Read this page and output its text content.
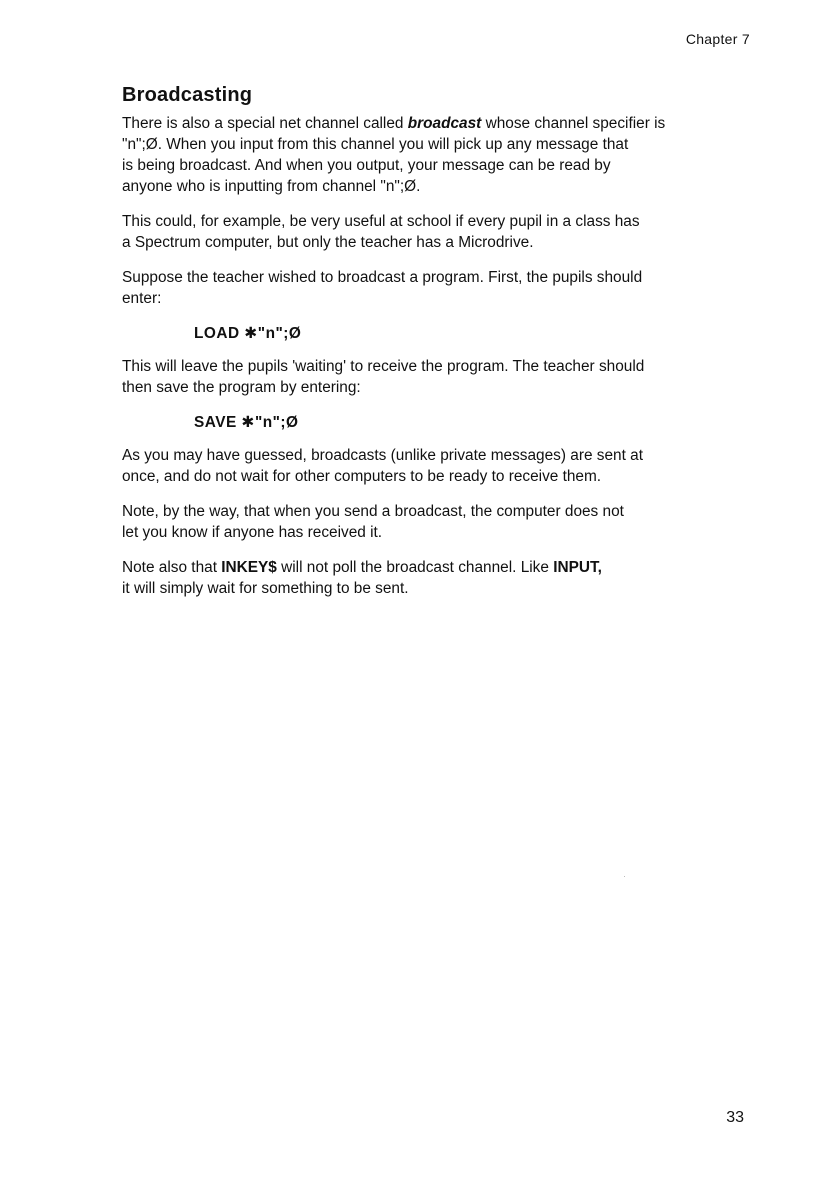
Chapter 7
Broadcasting
There is also a special net channel called broadcast whose channel specifier is
"n";Ø. When you input from this channel you will pick up any message that
is being broadcast. And when you output, your message can be read by
anyone who is inputting from channel "n";Ø.
This could, for example, be very useful at school if every pupil in a class has
a Spectrum computer, but only the teacher has a Microdrive.
Suppose the teacher wished to broadcast a program. First, the pupils should
enter:
LOAD ✱"n";Ø
This will leave the pupils 'waiting' to receive the program. The teacher should
then save the program by entering:
SAVE ✱"n";Ø
As you may have guessed, broadcasts (unlike private messages) are sent at
once, and do not wait for other computers to be ready to receive them.
Note, by the way, that when you send a broadcast, the computer does not
let you know if anyone has received it.
Note also that INKEY$ will not poll the broadcast channel. Like INPUT,
it will simply wait for something to be sent.
33
